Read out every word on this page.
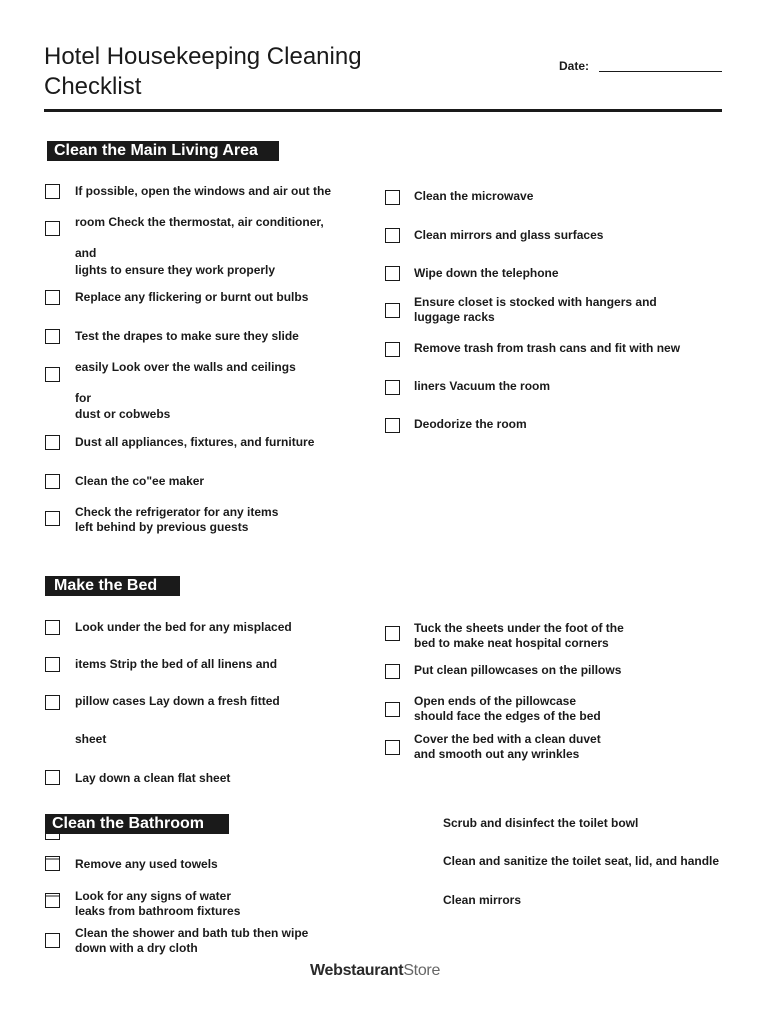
Hotel Housekeeping Cleaning
Checklist
Date:
Clean the Main Living Area
If possible, open the windows and air out the
room Check the thermostat, air conditioner,
and
lights to ensure they work properly
Replace any flickering or burnt out bulbs
Test the drapes to make sure they slide
easily Look over the walls and ceilings
for
dust or cobwebs
Dust all appliances, fixtures, and furniture
Clean the co"ee maker
Check the refrigerator for any items
left behind by previous guests
Clean the microwave
Clean mirrors and glass surfaces
Wipe down the telephone
Ensure closet is stocked with hangers and
luggage racks
Remove trash from trash cans and fit with new
liners Vacuum the room
Deodorize the room
Make the Bed
Look under the bed for any misplaced
items Strip the bed of all linens and
pillow cases Lay down a fresh fitted
sheet
Lay down a clean flat sheet
Tuck the sheets under the foot of the
bed to make neat hospital corners
Put clean pillowcases on the pillows
Open ends of the pillowcase
should face the edges of the bed
Cover the bed with a clean duvet
and smooth out any wrinkles
Clean the Bathroom
Remove any used towels
Look for any signs of water
leaks from bathroom fixtures
Clean the shower and bath tub then wipe
down with a dry cloth
Scrub and disinfect the toilet bowl
Clean and sanitize the toilet seat, lid, and handle
Clean mirrors
WebstaurantStore
